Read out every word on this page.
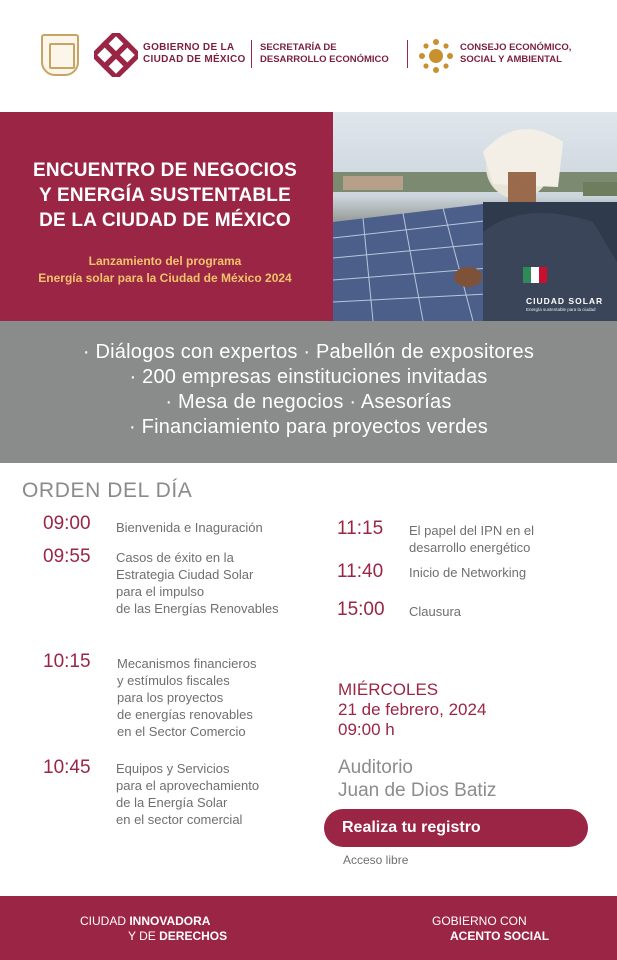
GOBIERNO DE LA
CIUDAD DE MÉXICO
SECRETARÍA DE
DESARROLLO ECONÓMICO
CONSEJO ECONÓMICO,
SOCIAL Y AMBIENTAL
ENCUENTRO DE NEGOCIOS
Y ENERGÍA SUSTENTABLE
DE LA CIUDAD DE MÉXICO
Lanzamiento del programa
Energía solar para la Ciudad de México 2024
CIUDAD SOLAR
Energía sustentable para la ciudad
· Diálogos con expertos · Pabellón de expositores
· 200 empresas einstituciones invitadas
· Mesa de negocios · Asesorías
· Financiamiento para proyectos verdes
ORDEN DEL DÍA
09:00 Bienvenida e Inaguración
09:55 Casos de éxito en la
Estrategia Ciudad Solar
para el impulso
de las Energías Renovables
10:15 Mecanismos financieros
y estímulos fiscales
para los proyectos
de energías renovables
en el Sector Comercio
10:45 Equipos y Servicios
para el aprovechamiento
de la Energía Solar
en el sector comercial
11:15 El papel del IPN en el
desarrollo energético
11:40 Inicio de Networking
15:00 Clausura
MIÉRCOLES
21 de febrero, 2024
09:00 h
Auditorio
Juan de Dios Batiz
Realiza tu registro
Acceso libre
CIUDAD INNOVADORA
Y DE DERECHOS
GOBIERNO CON
ACENTO SOCIAL
